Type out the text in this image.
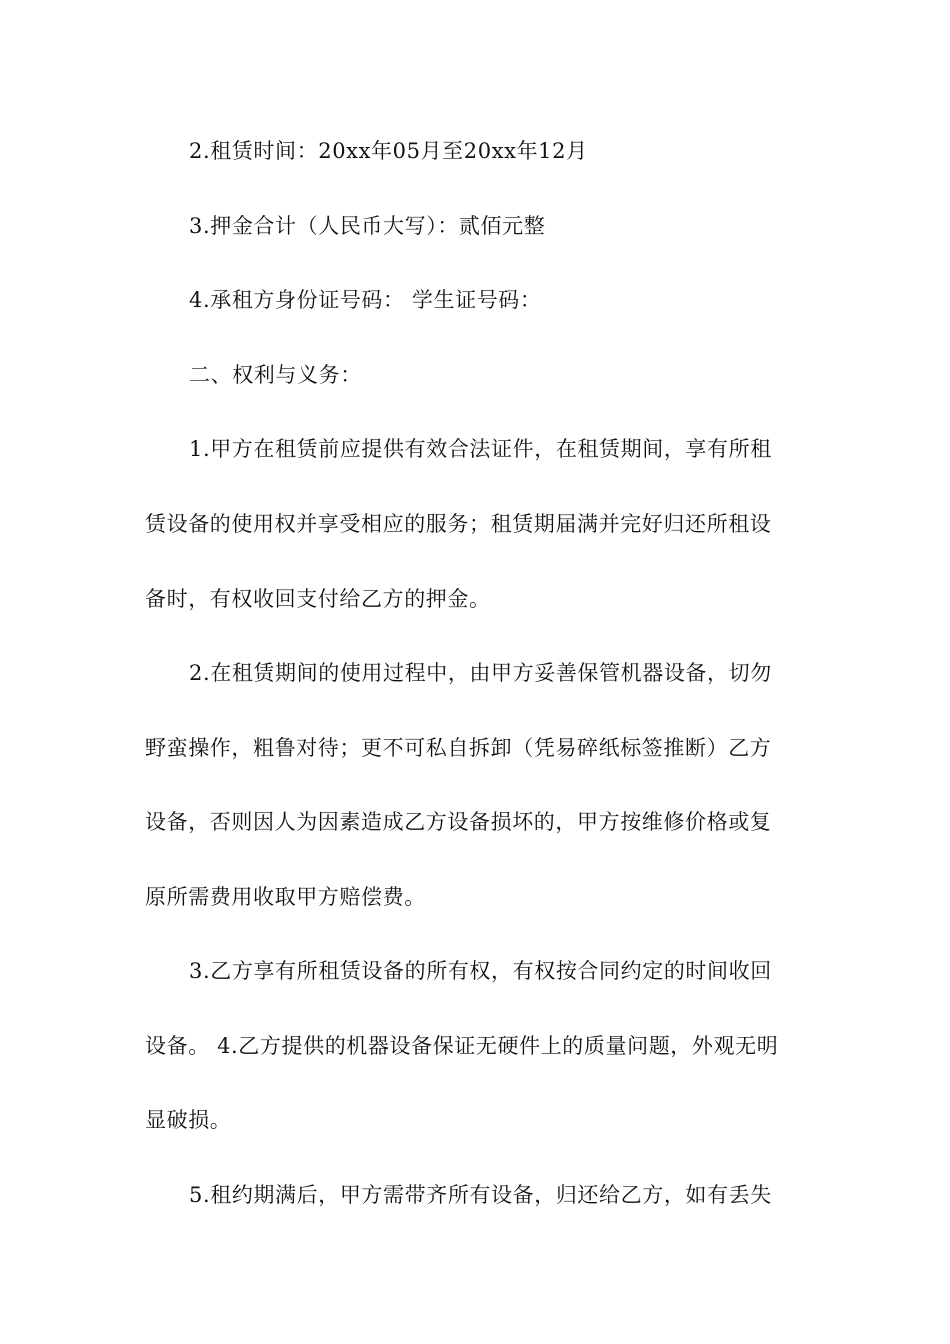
2.租赁时间：20xx年05月至20xx年12月
3.押金合计（人民币大写）：贰佰元整
4.承租方身份证号码： 学生证号码：
二、权利与义务：
1.甲方在租赁前应提供有效合法证件，在租赁期间，享有所租
赁设备的使用权并享受相应的服务；租赁期届满并完好归还所租设
备时，有权收回支付给乙方的押金。
2.在租赁期间的使用过程中，由甲方妥善保管机器设备，切勿
野蛮操作，粗鲁对待；更不可私自拆卸（凭易碎纸标签推断）乙方
设备，否则因人为因素造成乙方设备损坏的，甲方按维修价格或复
原所需费用收取甲方赔偿费。
3.乙方享有所租赁设备的所有权，有权按合同约定的时间收回
设备。 4.乙方提供的机器设备保证无硬件上的质量问题，外观无明
显破损。
5.租约期满后，甲方需带齐所有设备，归还给乙方，如有丢失
